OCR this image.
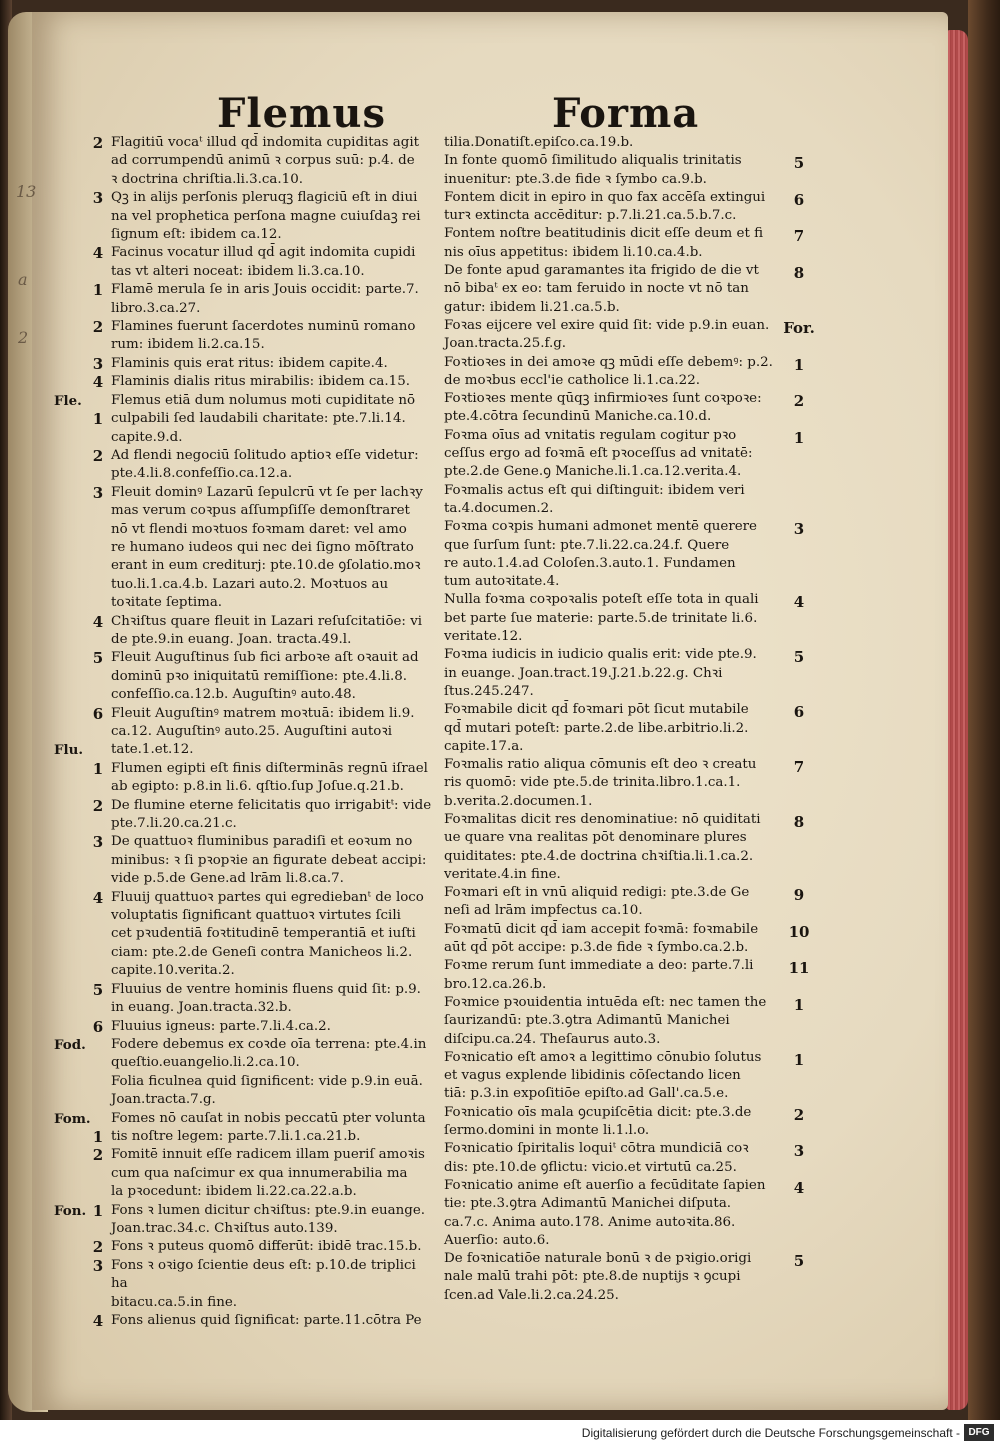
13
a
2
Flemus	Forma
2 Flagitiū vocaᵗ illud qd̄ indomita cupiditas agit
ad corrumpendū animū ꝛ corpus suū: p.4. de
ꝛ doctrina chriſtia.li.3.ca.10.
3 Qꝫ in alijs perſonis pleruqꝫ flagiciū eſt in diui
na vel prophetica perſona magne cuiuſdaꝫ rei
ſignum eſt: ibidem ca.12.
4 Facinus vocatur illud qd̄ agit indomita cupidi
tas vt alteri noceat: ibidem li.3.ca.10.
1 Flamē merula ſe in aris Jouis occidit: parte.7.
libro.3.ca.27.
2 Flamines fuerunt ſacerdotes numinū romano
rum: ibidem li.2.ca.15.
3 Flaminis quis erat ritus: ibidem capite.4.
4 Flaminis dialis ritus mirabilis: ibidem ca.15.
Fle.	Flemus etiā dum nolumus moti cupiditate nō
1 culpabili ſed laudabili charitate: pte.7.li.14.
capite.9.d.
2 Ad flendi negociū ſolitudo aptioꝛ eſſe videtur:
pte.4.li.8.confeſſio.ca.12.a.
3 Fleuit dominꝰ Lazarū ſepulcrū vt ſe per lachꝛy
mas verum coꝛpus aſſumpſiſſe demonſtraret
nō vt flendi moꝛtuos foꝛmam daret: vel amo
re humano iudeos qui nec dei ſigno mōſtrato
erant in eum crediturj: pte.10.de ꝯſolatio.moꝛ
tuo.li.1.ca.4.b. Lazari auto.2. Moꝛtuos au
toꝛitate ſeptima.
4 Chꝛiſtus quare fleuit in Lazari reſuſcitatiōe: vi
de pte.9.in euang. Joan. tracta.49.l.
5 Fleuit Auguſtinus ſub fici arboꝛe aſt oꝛauit ad
dominū pꝛo iniquitatū remiſſione: pte.4.li.8.
confeſſio.ca.12.b. Auguſtinꝰ auto.48.
6 Fleuit Auguſtinꝰ matrem moꝛtuā: ibidem li.9.
ca.12. Auguſtinꝰ auto.25. Auguſtini autoꝛi
Flu. tate.1.et.12.
1 Flumen egipti eſt finis diſterminās regnū iſrael
ab egipto: p.8.in li.6. qſtio.ſup Joſue.q.21.b.
2 De flumine eterne felicitatis quo irrigabitᵗ: vide
pte.7.li.20.ca.21.c.
3 De quattuoꝛ fluminibus paradiſi et eoꝛum no
minibus: ꝛ ſi pꝛopꝛie an figurate debeat accipi:
vide p.5.de Gene.ad lrām li.8.ca.7.
4 Fluuij quattuoꝛ partes qui egrediebanᵗ de loco
voluptatis ſignificant quattuoꝛ virtutes ſcili
cet pꝛudentiā foꝛtitudinē temperantiā et iuſti
ciam: pte.2.de Geneſi contra Manicheos li.2.
capite.10.verita.2.
5 Fluuius de ventre hominis fluens quid ſit: p.9.
in euang. Joan.tracta.32.b.
6 Fluuius igneus: parte.7.li.4.ca.2.
Fod. Fodere debemus ex coꝛde oīa terrena: pte.4.in
queſtio.euangelio.li.2.ca.10.
Folia ficulnea quid ſignificent: vide p.9.in euā.
Joan.tracta.7.g.
Fom. Fomes nō cauſat in nobis peccatū pter volunta
1 tis noſtre legem: parte.7.li.1.ca.21.b.
2 Fomitē innuit eſſe radicem illam pueriſ amoꝛis
cum qua naſcimur ex qua innumerabilia ma
la pꝛocedunt: ibidem li.22.ca.22.a.b.
Fon. 1 Fons ꝛ lumen dicitur chꝛiſtus: pte.9.in euange.
Joan.trac.34.c. Chꝛiſtus auto.139.
2 Fons ꝛ puteus quomō differūt: ibidē trac.15.b.
3 Fons ꝛ oꝛigo ſcientie deus eſt: p.10.de triplici ha
bitacu.ca.5.in fine.
4 Fons alienus quid ſignificat: parte.11.cōtra Pe
tilia.Donatiſt.epiſco.ca.19.b.
5
In fonte quomō ſimilitudo aliqualis trinitatis
inuenitur: pte.3.de fide ꝛ ſymbo ca.9.b.
6
Fontem dicit in epiro in quo fax accēſa extingui
turꝛ extincta accēditur: p.7.li.21.ca.5.b.7.c.
7
Fontem noſtre beatitudinis dicit eſſe deum et fi
nis oīus appetitus: ibidem li.10.ca.4.b.
8
De fonte apud garamantes ita frigido de die vt
nō bibaᵗ ex eo: tam feruido in nocte vt nō tan
gatur: ibidem li.21.ca.5.b.
For.
Foꝛas eijcere vel exire quid ſit: vide p.9.in euan.
Joan.tracta.25.f.g.
1
Foꝛtioꝛes in dei amoꝛe qꝫ mūdi eſſe debemꝰ: p.2.
de moꝛbus eccl'ie catholice li.1.ca.22.
2
Foꝛtioꝛes mente qūqꝫ infirmioꝛes ſunt coꝛpoꝛe:
pte.4.cōtra ſecundinū Maniche.ca.10.d.
1
Foꝛma oīus ad vnitatis regulam cogitur pꝛo
ceſſus ergo ad foꝛmā eſt pꝛoceſſus ad vnitatē:
pte.2.de Gene.ꝯ Maniche.li.1.ca.12.verita.4.
Foꝛmalis actus eſt qui diſtinguit: ibidem veri
ta.4.documen.2.
3
Foꝛma coꝛpis humani admonet mentē querere
que ſurſum ſunt: pte.7.li.22.ca.24.f. Quere
re auto.1.4.ad Coloſen.3.auto.1. Fundamen
tum autoꝛitate.4.
4
Nulla foꝛma coꝛpoꝛalis poteſt eſſe tota in quali
bet parte ſue materie: parte.5.de trinitate li.6.
veritate.12.
5
Foꝛma iudicis in iudicio qualis erit: vide pte.9.
in euange. Joan.tract.19.J.21.b.22.g. Chꝛi
ſtus.245.247.
6
Foꝛmabile dicit qd̄ foꝛmari pōt ſicut mutabile
qd̄ mutari poteſt: parte.2.de libe.arbitrio.li.2.
capite.17.a.
7
Foꝛmalis ratio aliqua cōmunis eſt deo ꝛ creatu
ris quomō: vide pte.5.de trinita.libro.1.ca.1.
b.verita.2.documen.1.
8
Foꝛmalitas dicit res denominatiue: nō quiditati
ue quare vna realitas pōt denominare plures
quiditates: pte.4.de doctrina chꝛiſtia.li.1.ca.2.
veritate.4.in fine.
9
Foꝛmari eſt in vnū aliquid redigi: pte.3.de Ge
neſi ad lrām impfectus ca.10.
10
Foꝛmatū dicit qd̄ iam accepit foꝛmā: foꝛmabile
aūt qd̄ pōt accipe: p.3.de fide ꝛ ſymbo.ca.2.b.
11
Foꝛme rerum ſunt immediate a deo: parte.7.li
bro.12.ca.26.b.
1
Foꝛmice pꝛouidentia intuēda eſt: nec tamen the
ſaurizandū: pte.3.ꝯtra Adimantū Manichei
diſcipu.ca.24. Theſaurus auto.3.
1
Foꝛnicatio eſt amoꝛ a legittimo cōnubio ſolutus
et vagus explende libidinis cōſectando licen
tiā: p.3.in expoſitiōe epiſto.ad Gall'.ca.5.e.
2
Foꝛnicatio oīs mala ꝯcupiſcētia dicit: pte.3.de
ſermo.domini in monte li.1.l.o.
3
Foꝛnicatio ſpiritalis loquiᵗ cōtra mundiciā coꝛ
dis: pte.10.de ꝯflictu: vicio.et virtutū ca.25.
4
Foꝛnicatio anime eſt auerſio a fecūditate ſapien
tie: pte.3.ꝯtra Adimantū Manichei diſputa.
ca.7.c. Anima auto.178. Anime autoꝛita.86.
Auerſio: auto.6.
5
De foꝛnicatiōe naturale bonū ꝛ de pꝛigio.origi
nale malū trahi pōt: pte.8.de nuptijs ꝛ ꝯcupi
ſcen.ad Vale.li.2.ca.24.25.
Digitalisierung gefördert durch die Deutsche Forschungsgemeinschaft - DFG
